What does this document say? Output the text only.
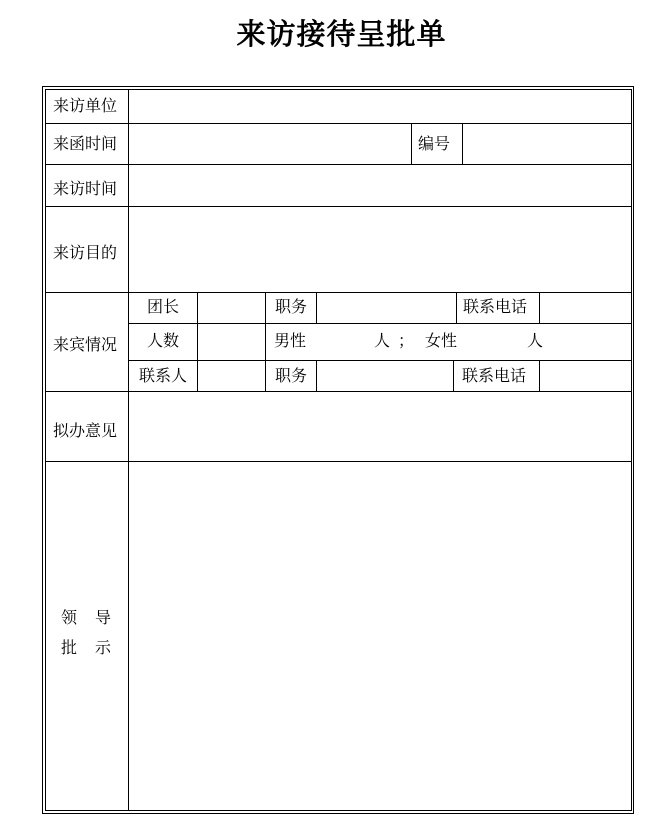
来访接待呈批单
来访单位
来函时间	编号
来访时间
来访目的
来宾情况
团长	职务	联系电话
人数	男性	人 ； 女性	人
联系人	职务	联系电话
拟办意见
领导
批示
